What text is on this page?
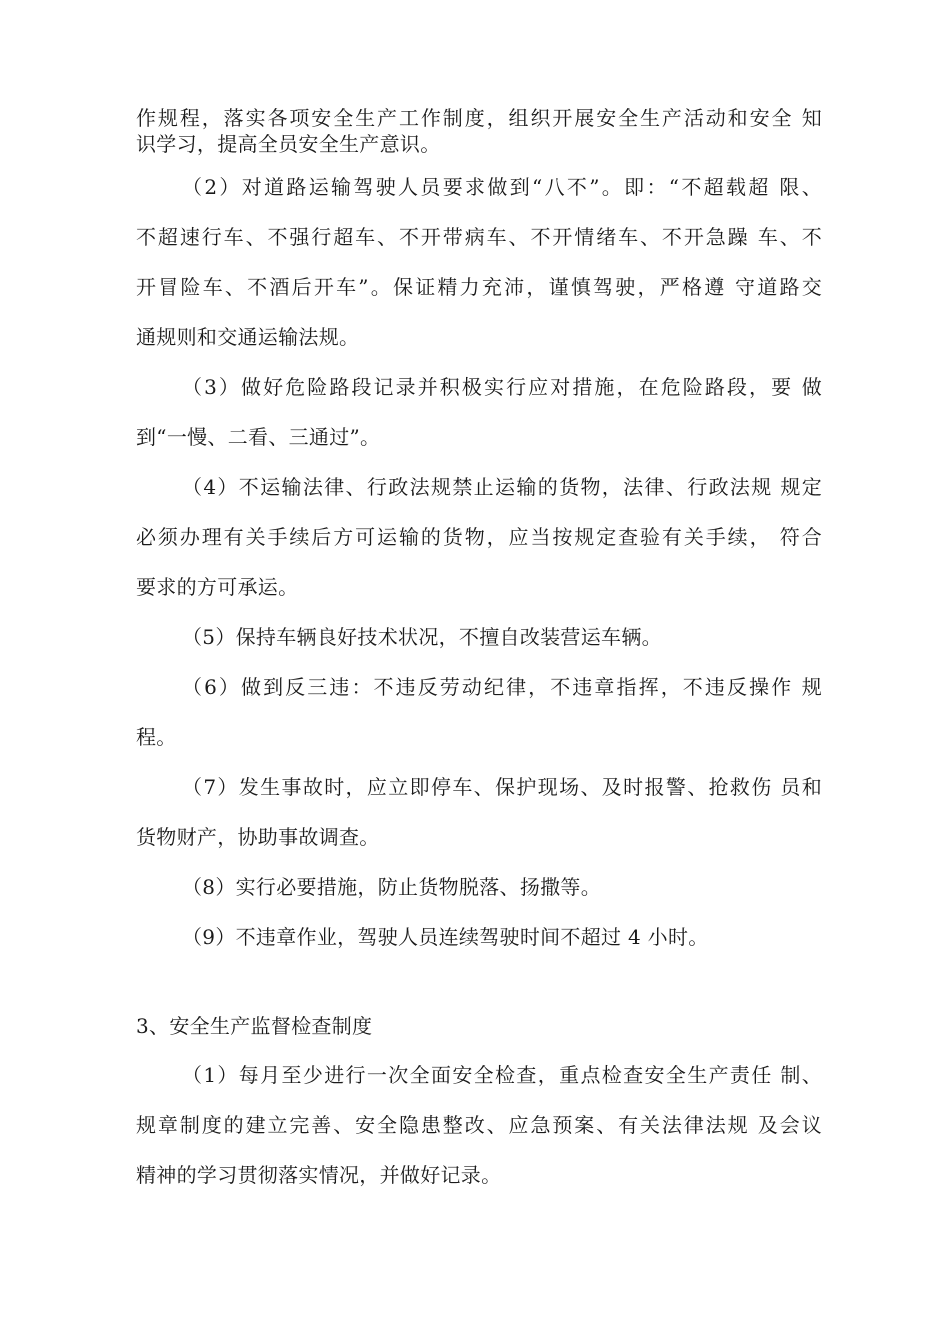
作规程，落实各项安全生产工作制度，组织开展安全生产活动和安全 知
识学习，提高全员安全生产意识。
（2）对道路运输驾驶人员要求做到“八不”。即：“不超载超 限、
不超速行车、不强行超车、不开带病车、不开情绪车、不开急躁 车、不
开冒险车、不酒后开车”。保证精力充沛，谨慎驾驶，严格遵 守道路交
通规则和交通运输法规。
（3）做好危险路段记录并积极实行应对措施，在危险路段，要 做
到“一慢、二看、三通过”。
（4）不运输法律、行政法规禁止运输的货物，法律、行政法规 规定
必须办理有关手续后方可运输的货物，应当按规定查验有关手续， 符合
要求的方可承运。
（5）保持车辆良好技术状况，不擅自改装营运车辆。
（6）做到反三违：不违反劳动纪律，不违章指挥，不违反操作 规
程。
（7）发生事故时，应立即停车、保护现场、及时报警、抢救伤 员和
货物财产，协助事故调查。
（8）实行必要措施，防止货物脱落、扬撒等。
（9）不违章作业，驾驶人员连续驾驶时间不超过 4 小时。
3、安全生产监督检查制度
（1）每月至少进行一次全面安全检查，重点检查安全生产责任 制、
规章制度的建立完善、安全隐患整改、应急预案、有关法律法规 及会议
精神的学习贯彻落实情况，并做好记录。
